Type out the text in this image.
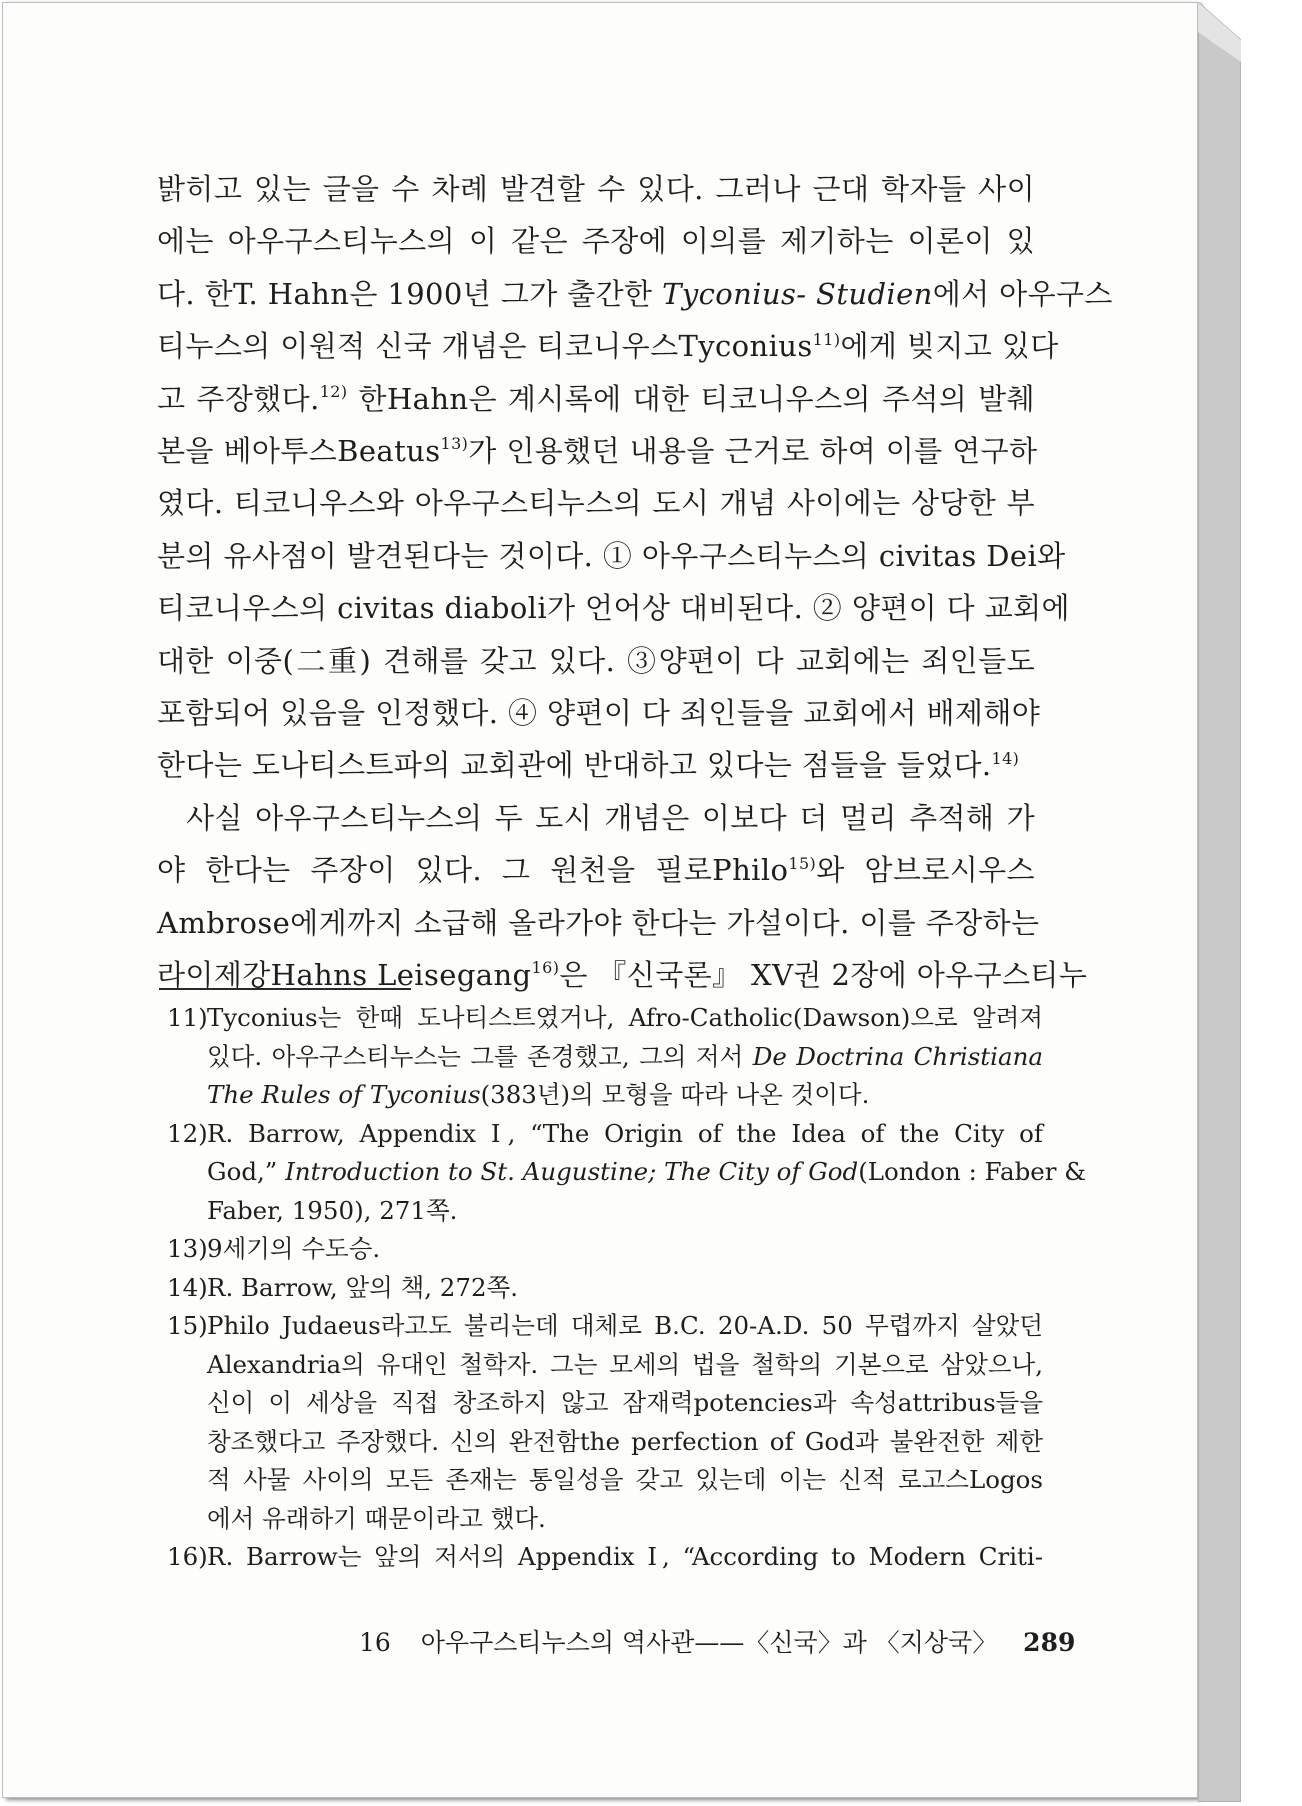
밝히고 있는 글을 수 차례 발견할 수 있다. 그러나 근대 학자들 사이
에는 아우구스티누스의 이 같은 주장에 이의를 제기하는 이론이 있
다. 한T. Hahn은 1900년 그가 출간한 Tyconius- Studien에서 아우구스
티누스의 이원적 신국 개념은 티코니우스Tyconius$^{11)}$에게 빚지고 있다
고 주장했다.$^{12)}$ 한Hahn은 계시록에 대한 티코니우스의 주석의 발췌
본을 베아투스Beatus$^{13)}$가 인용했던 내용을 근거로 하여 이를 연구하
였다. 티코니우스와 아우구스티누스의 도시 개념 사이에는 상당한 부
분의 유사점이 발견된다는 것이다. ① 아우구스티누스의 civitas Dei와
티코니우스의 civitas diaboli가 언어상 대비된다. ② 양편이 다 교회에
대한 이중(二重) 견해를 갖고 있다. ③양편이 다 교회에는 죄인들도
포함되어 있음을 인정했다. ④ 양편이 다 죄인들을 교회에서 배제해야
한다는 도나티스트파의 교회관에 반대하고 있다는 점들을 들었다.$^{14)}$
사실 아우구스티누스의 두 도시 개념은 이보다 더 멀리 추적해 가
야 한다는 주장이 있다. 그 원천을 필로Philo$^{15)}$와 암브로시우스
Ambrose에게까지 소급해 올라가야 한다는 가설이다. 이를 주장하는
라이제강Hahns Leisegang$^{16)}$은 『신국론』 XV권 2장에 아우구스티누
11) Tyconius는 한때 도나티스트였거나, Afro-Catholic(Dawson)으로 알려져
있다. 아우구스티누스는 그를 존경했고, 그의 저서 De Doctrina Christiana
The Rules of Tyconius(383년)의 모형을 따라 나온 것이다.
12) R. Barrow, Appendix Ⅰ, “The Origin of the Idea of the City of
God,” Introduction to St. Augustine; The City of God(London : Faber &
Faber, 1950), 271쪽.
13) 9세기의 수도승.
14) R. Barrow, 앞의 책, 272쪽.
15) Philo Judaeus라고도 불리는데 대체로 B.C. 20-A.D. 50 무렵까지 살았던
Alexandria의 유대인 철학자. 그는 모세의 법을 철학의 기본으로 삼았으나,
신이 이 세상을 직접 창조하지 않고 잠재력potencies과 속성attribus들을
창조했다고 주장했다. 신의 완전함the perfection of God과 불완전한 제한
적 사물 사이의 모든 존재는 통일성을 갖고 있는데 이는 신적 로고스Logos
에서 유래하기 때문이라고 했다.
16) R. Barrow는 앞의 저서의 Appendix Ⅰ, “According to Modern Criti-
16 아우구스티누스의 역사관——〈신국〉과 〈지상국〉 289
